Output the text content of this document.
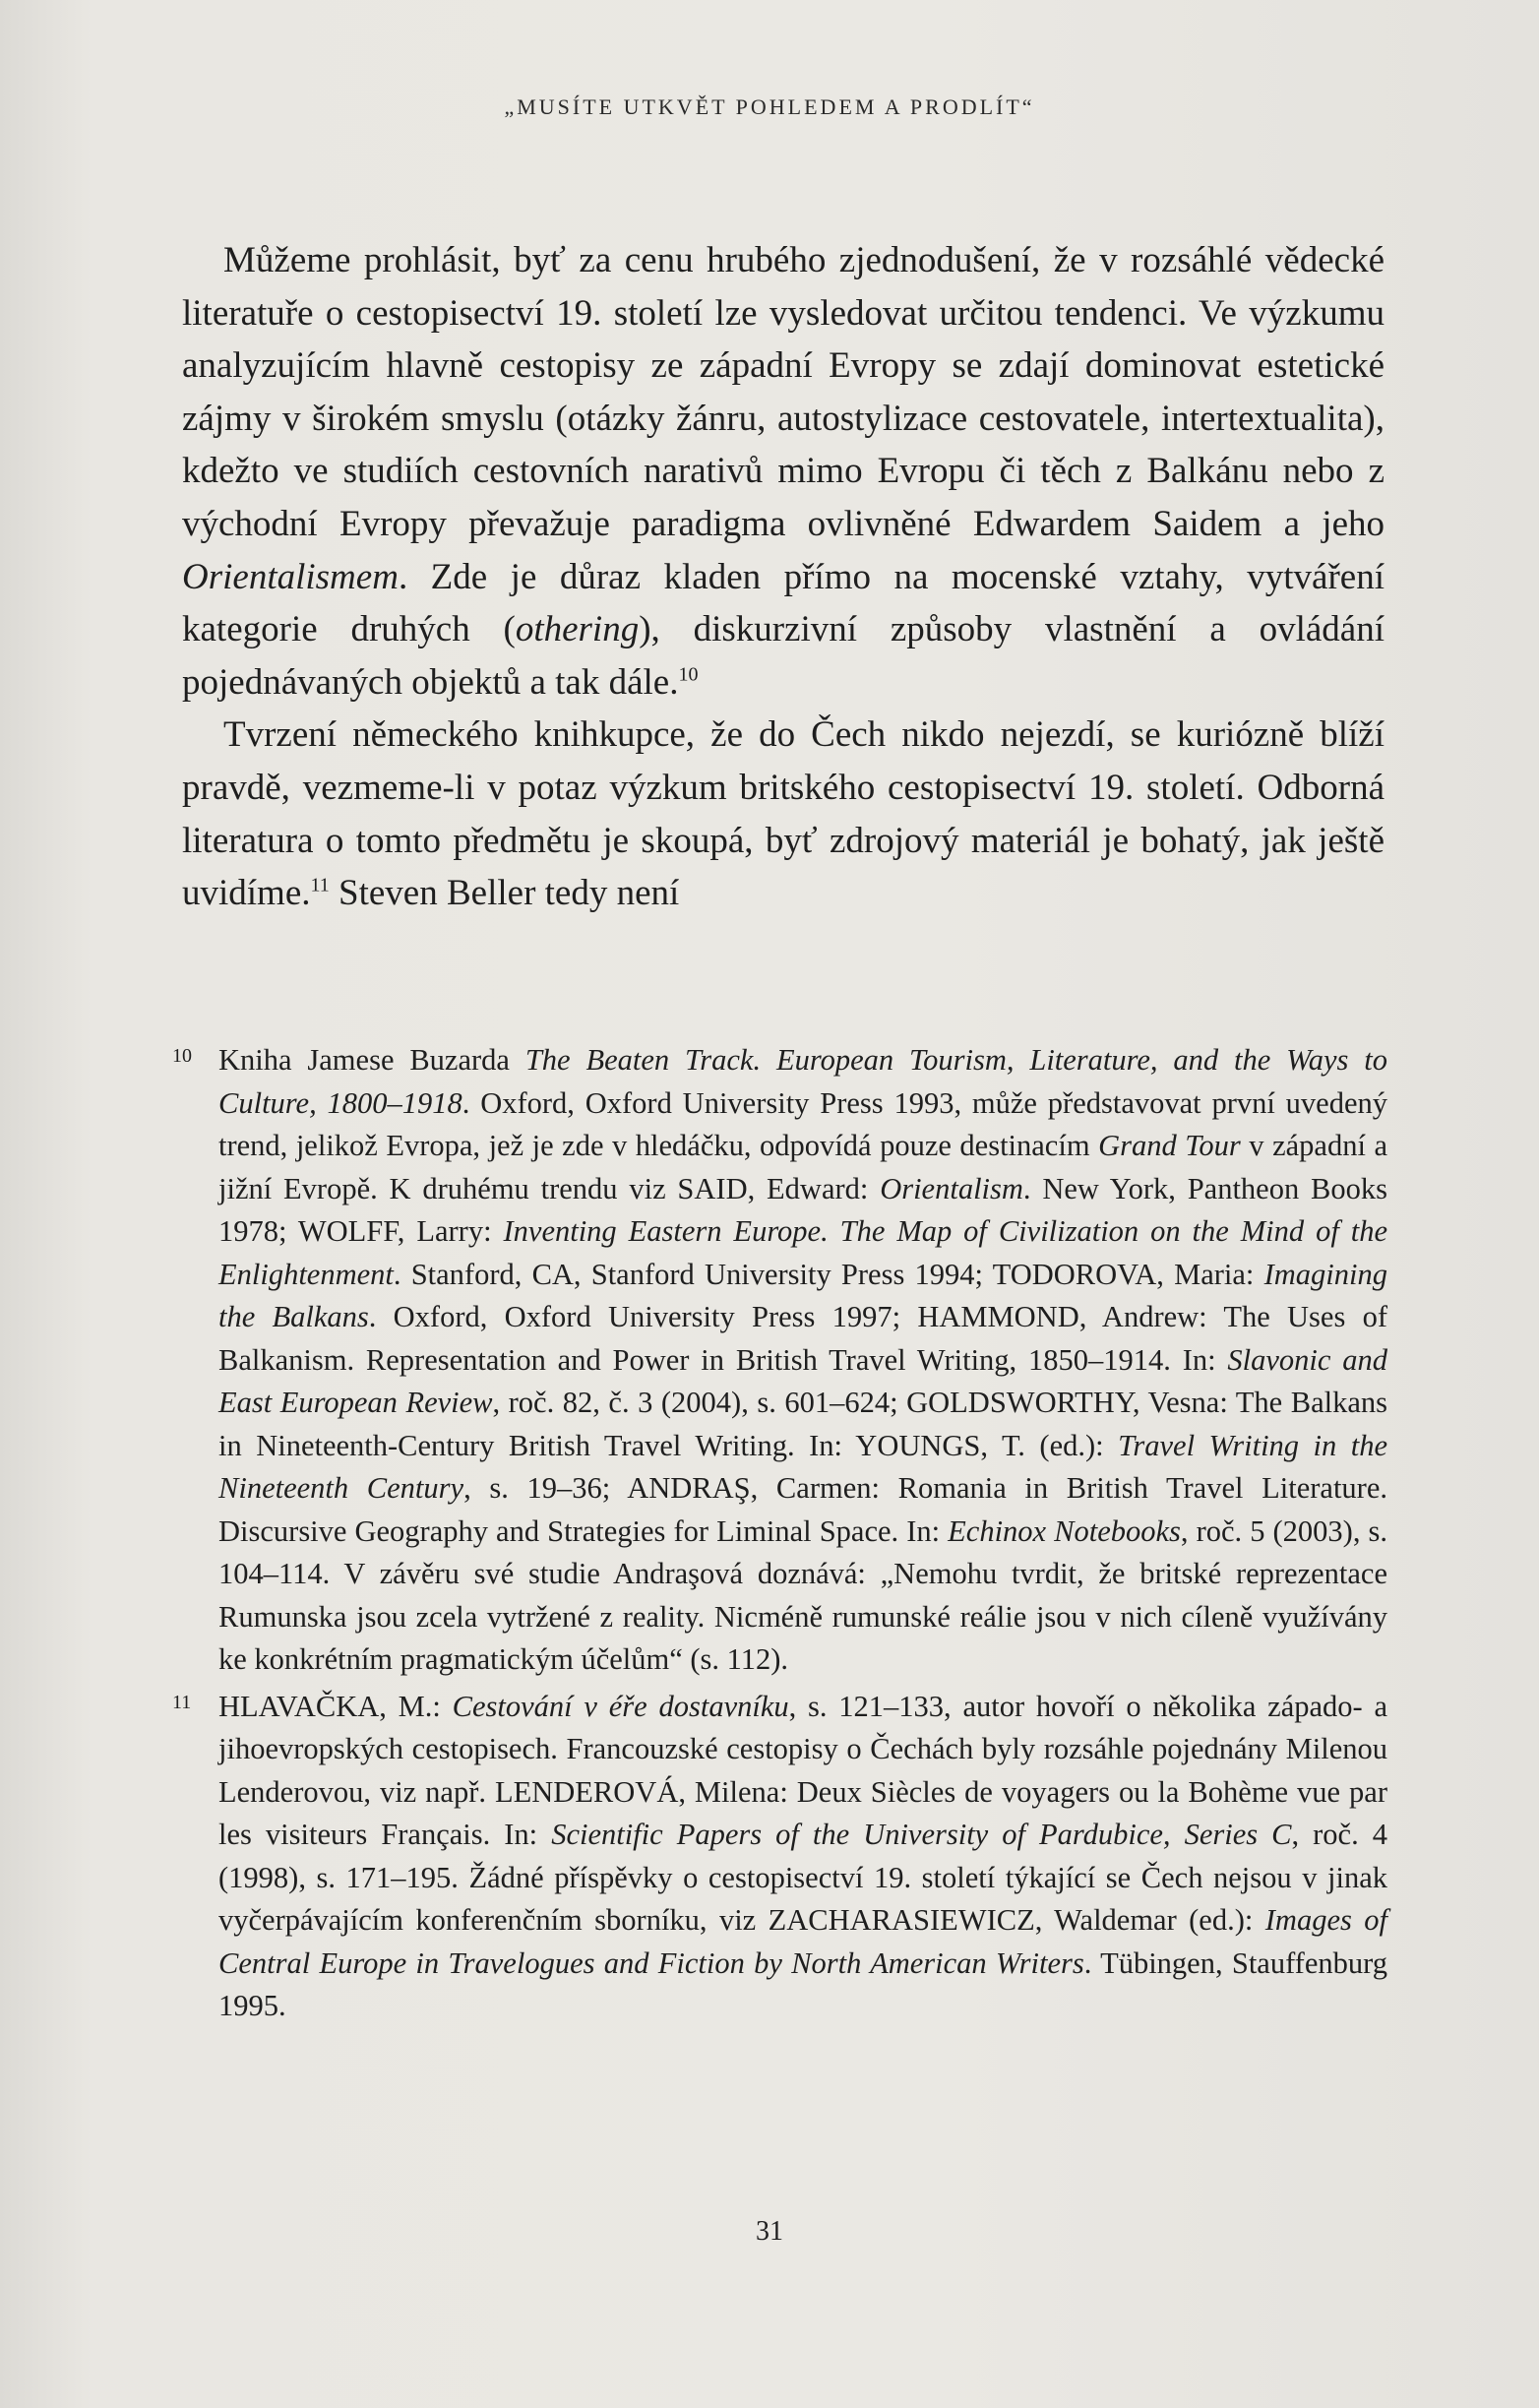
„MUSÍTE UTKVĚT POHLEDEM A PRODLÍT“

Můžeme prohlásit, byť za cenu hrubého zjednodušení, že v rozsáhlé vědecké literatuře o cestopisectví 19. století lze vysledovat určitou tendenci. Ve výzkumu analyzujícím hlavně cestopisy ze západní Evropy se zdají dominovat estetické zájmy v širokém smyslu (otázky žánru, autostylizace cestovatele, intertextualita), kdežto ve studiích cestovních narativů mimo Evropu či těch z Balkánu nebo z východní Evropy převažuje paradigma ovlivněné Edwardem Saidem a jeho Orientalismem. Zde je důraz kladen přímo na mocenské vztahy, vytváření kategorie druhých (othering), diskurzivní způsoby vlastnění a ovládání pojednávaných objektů a tak dále.$^{10}$

Tvrzení německého knihkupce, že do Čech nikdo nejezdí, se kuriózně blíží pravdě, vezmeme-li v potaz výzkum britského cestopisectví 19. století. Odborná literatura o tomto předmětu je skoupá, byť zdrojový materiál je bohatý, jak ještě uvidíme.$^{11}$ Steven Beller tedy není

10 Kniha Jamese Buzarda The Beaten Track. European Tourism, Literature, and the Ways to Culture, 1800–1918. Oxford, Oxford University Press 1993, může představovat první uvedený trend, jelikož Evropa, jež je zde v hledáčku, odpovídá pouze destinacím Grand Tour v západní a jižní Evropě. K druhému trendu viz SAID, Edward: Orientalism. New York, Pantheon Books 1978; WOLFF, Larry: Inventing Eastern Europe. The Map of Civilization on the Mind of the Enlightenment. Stanford, CA, Stanford University Press 1994; TODOROVA, Maria: Imagining the Balkans. Oxford, Oxford University Press 1997; HAMMOND, Andrew: The Uses of Balkanism. Representation and Power in British Travel Writing, 1850–1914. In: Slavonic and East European Review, roč. 82, č. 3 (2004), s. 601–624; GOLDSWORTHY, Vesna: The Balkans in Nineteenth-Century British Travel Writing. In: YOUNGS, T. (ed.): Travel Writing in the Nineteenth Century, s. 19–36; ANDRAŞ, Carmen: Romania in British Travel Literature. Discursive Geography and Strategies for Liminal Space. In: Echinox Notebooks, roč. 5 (2003), s. 104–114. V závěru své studie Andraşová doznává: „Nemohu tvrdit, že britské reprezentace Rumunska jsou zcela vytržené z reality. Nicméně rumunské reálie jsou v nich cíleně využívány ke konkrétním pragmatickým účelům“ (s. 112).
11 HLAVAČKA, M.: Cestování v éře dostavníku, s. 121–133, autor hovoří o několika západo- a jihoevropských cestopisech. Francouzské cestopisy o Čechách byly rozsáhle pojednány Milenou Lenderovou, viz např. LENDEROVÁ, Milena: Deux Siècles de voyagers ou la Bohème vue par les visiteurs Français. In: Scientific Papers of the University of Pardubice, Series C, roč. 4 (1998), s. 171–195. Žádné příspěvky o cestopisectví 19. století týkající se Čech nejsou v jinak vyčerpávajícím konferenčním sborníku, viz ZACHARASIEWICZ, Waldemar (ed.): Images of Central Europe in Travelogues and Fiction by North American Writers. Tübingen, Stauffenburg 1995.
31
